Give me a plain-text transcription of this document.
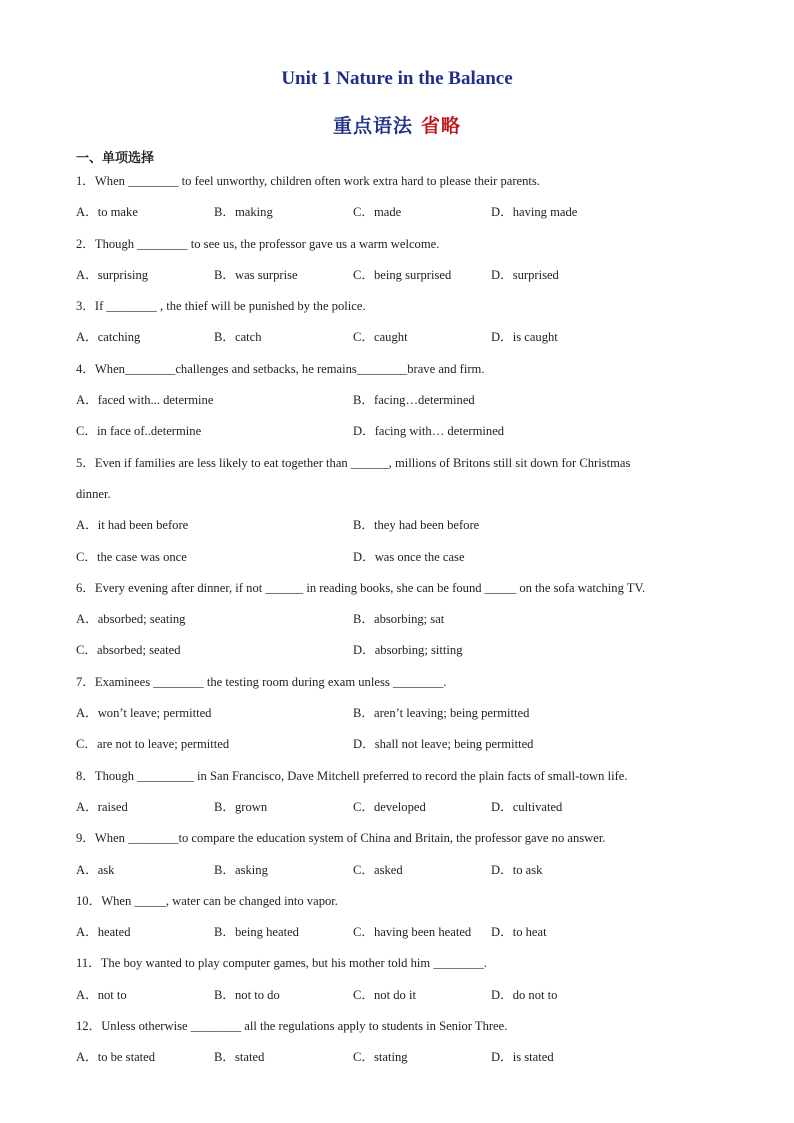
Unit 1 Nature in the Balance
重点语法 省略
一、单项选择
1．When ________ to feel unworthy, children often work extra hard to please their parents.
A．to make	B．making	C．made	D．having made
2．Though ________ to see us, the professor gave us a warm welcome.
A．surprising	B．was surprise	C．being surprised	D．surprised
3．If ________ , the thief will be punished by the police.
A．catching	B．catch	C．caught	D．is caught
4．When________challenges and setbacks, he remains________brave and firm.
A．faced with... determine	B．facing…determined
C．in face of..determine	D．facing with… determined
5．Even if families are less likely to eat together than ______, millions of Britons still sit down for Christmas
dinner.
A．it had been before	B．they had been before
C．the case was once	D．was once the case
6．Every evening after dinner, if not ______ in reading books, she can be found _____ on the sofa watching TV.
A．absorbed; seating	B．absorbing; sat
C．absorbed; seated	D．absorbing; sitting
7．Examinees ________ the testing room during exam unless ________.
A．won’t leave; permitted	B．aren’t leaving; being permitted
C．are not to leave; permitted	D．shall not leave; being permitted
8．Though _________ in San Francisco, Dave Mitchell preferred to record the plain facts of small-town life.
A．raised	B．grown	C．developed	D．cultivated
9．When ________to compare the education system of China and Britain, the professor gave no answer.
A．ask	B．asking	C．asked	D．to ask
10．When _____, water can be changed into vapor.
A．heated	B．being heated	C．having been heated D．to heat
11．The boy wanted to play computer games, but his mother told him ________.
A．not to	B．not to do	C．not do it	D．do not to
12．Unless otherwise ________ all the regulations apply to students in Senior Three.
A．to be stated	B．stated	C．stating	D．is stated
